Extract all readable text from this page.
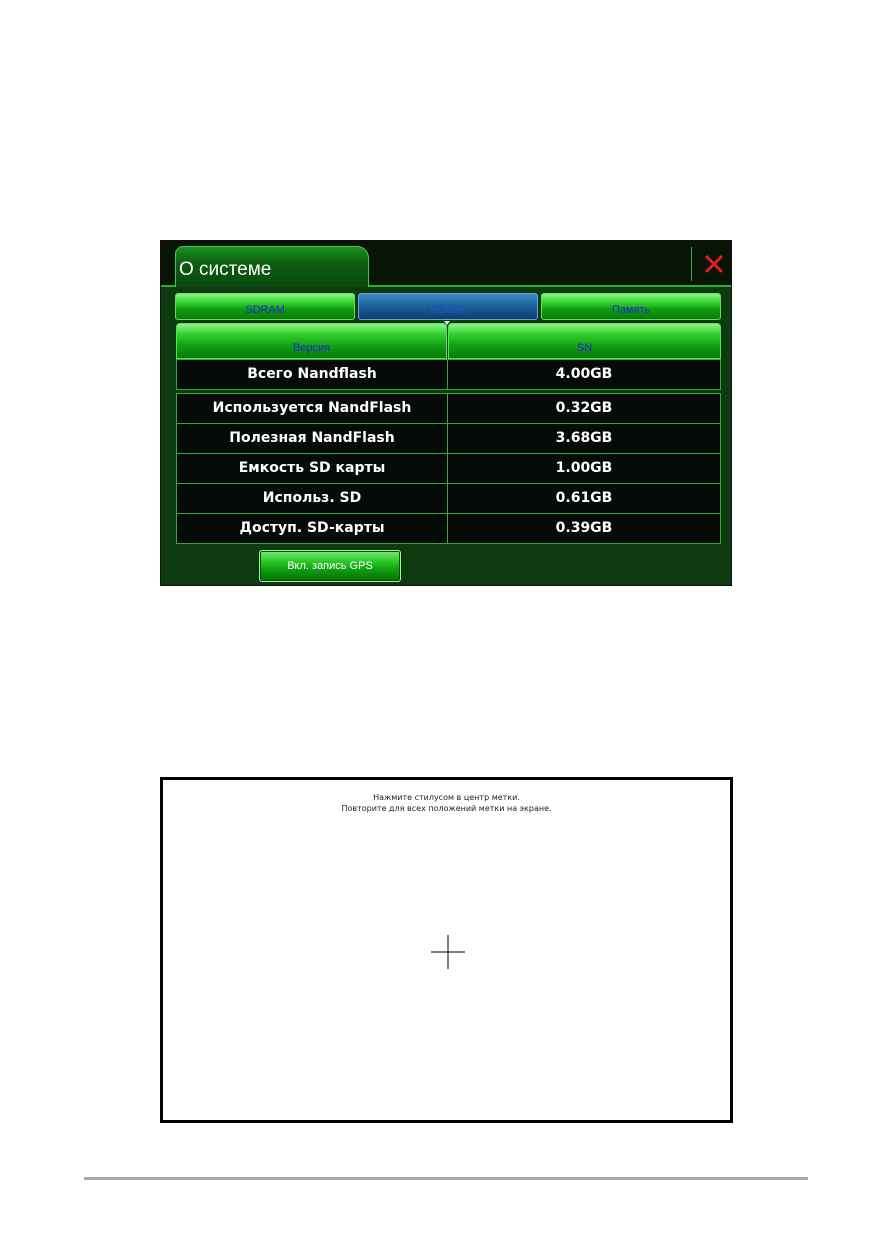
О системе
SDRAM	FLASH	Память
Версия	SN
Всего Nandflash	4.00GB
Используется NandFlash	0.32GB
Полезная NandFlash	3.68GB
Емкость SD карты	1.00GB
Использ. SD	0.61GB
Доступ. SD-карты	0.39GB
Вкл. запись GPS
Нажмите стилусом в центр метки.
Повторите для всех положений метки на экране.
